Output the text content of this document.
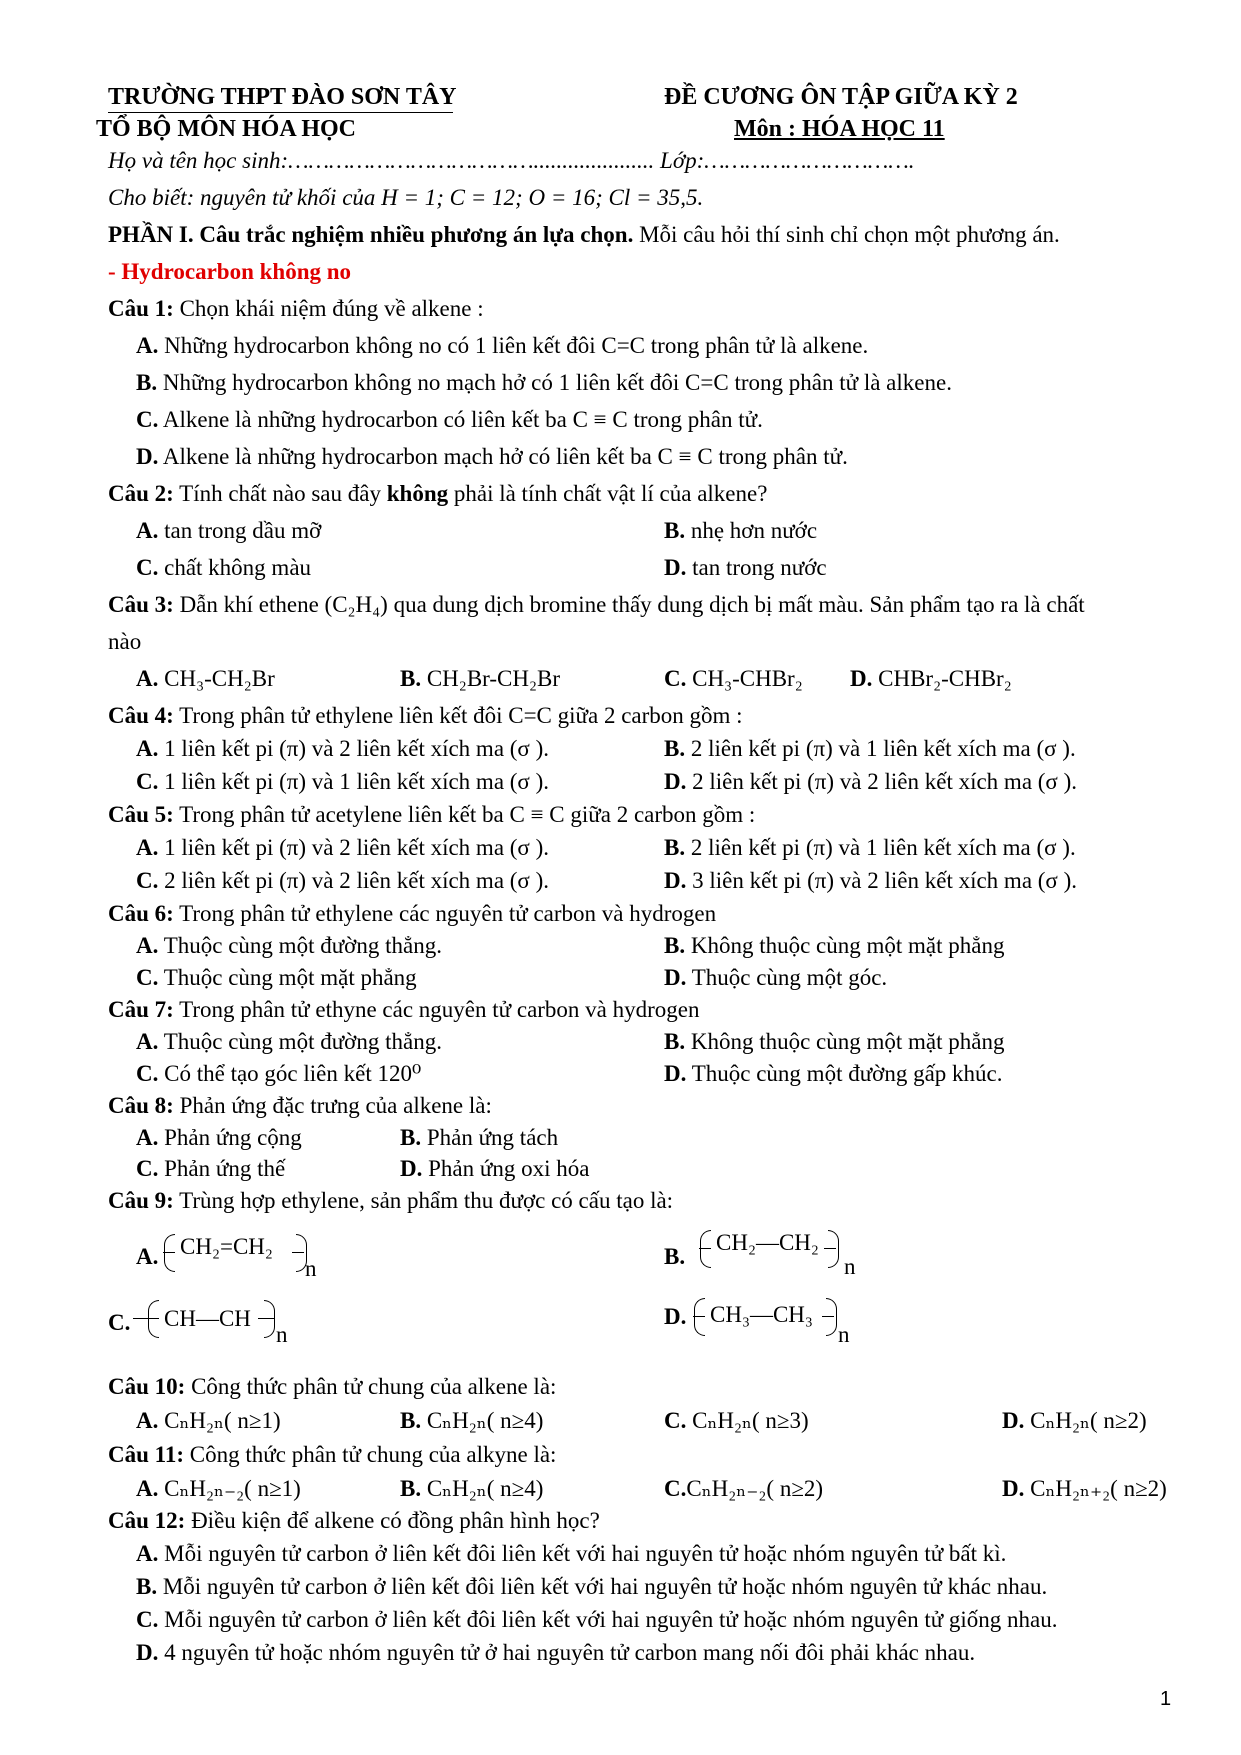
TRƯỜNG THPT ĐÀO SƠN TÂY	ĐỀ CƯƠNG ÔN TẬP GIỮA KỲ 2
TỔ BỘ MÔN HÓA HỌC	Môn : HÓA HỌC 11
Họ và tên học sinh:………………………………..................... Lớp:………………………….
Cho biết: nguyên tử khối của H = 1; C = 12; O = 16; Cl = 35,5.
PHẦN I. Câu trắc nghiệm nhiều phương án lựa chọn. Mỗi câu hỏi thí sinh chỉ chọn một phương án.
- Hydrocarbon không no
Câu 1: Chọn khái niệm đúng về alkene :
A. Những hydrocarbon không no có 1 liên kết đôi C=C trong phân tử là alkene.
B. Những hydrocarbon không no mạch hở có 1 liên kết đôi C=C trong phân tử là alkene.
C. Alkene là những hydrocarbon có liên kết ba C ≡ C trong phân tử.
D. Alkene là những hydrocarbon mạch hở có liên kết ba C ≡ C trong phân tử.
Câu 2: Tính chất nào sau đây không phải là tính chất vật lí của alkene?
A. tan trong dầu mỡ	B. nhẹ hơn nước
C. chất không màu	D. tan trong nước
Câu 3: Dẫn khí ethene (C₂H₄) qua dung dịch bromine thấy dung dịch bị mất màu. Sản phẩm tạo ra là chất
nào
A. CH₃-CH₂Br	B. CH₂Br-CH₂Br	C. CH₃-CHBr₂ D. CHBr₂-CHBr₂
Câu 4: Trong phân tử ethylene liên kết đôi C=C giữa 2 carbon gồm :
A. 1 liên kết pi (π) và 2 liên kết xích ma (σ ).	B. 2 liên kết pi (π) và 1 liên kết xích ma (σ ).
C. 1 liên kết pi (π) và 1 liên kết xích ma (σ ).	D. 2 liên kết pi (π) và 2 liên kết xích ma (σ ).
Câu 5: Trong phân tử acetylene liên kết ba C ≡ C giữa 2 carbon gồm :
A. 1 liên kết pi (π) và 2 liên kết xích ma (σ ).	B. 2 liên kết pi (π) và 1 liên kết xích ma (σ ).
C. 2 liên kết pi (π) và 2 liên kết xích ma (σ ).	D. 3 liên kết pi (π) và 2 liên kết xích ma (σ ).
Câu 6: Trong phân tử ethylene các nguyên tử carbon và hydrogen
A. Thuộc cùng một đường thẳng.	B. Không thuộc cùng một mặt phẳng
C. Thuộc cùng một mặt phẳng	D. Thuộc cùng một góc.
Câu 7: Trong phân tử ethyne các nguyên tử carbon và hydrogen
A. Thuộc cùng một đường thẳng.	B. Không thuộc cùng một mặt phẳng
C. Có thể tạo góc liên kết 120⁰	D. Thuộc cùng một đường gấp khúc.
Câu 8: Phản ứng đặc trưng của alkene là:
A. Phản ứng cộng	B. Phản ứng tách
C. Phản ứng thế	D. Phản ứng oxi hóa
Câu 9: Trùng hợp ethylene, sản phẩm thu được có cấu tạo là:
A. CH₂=CH₂
n	B.
CH₂—CH₂
n
C. CH—CH
n
D. CH₃—CH₃
n
Câu 10: Công thức phân tử chung của alkene là:
A. CₙH₂ₙ( n≥1)	B. CₙH₂ₙ( n≥4)	C. CₙH₂ₙ( n≥3)	D. CₙH₂ₙ( n≥2)
Câu 11: Công thức phân tử chung của alkyne là:
A. CₙH₂ₙ₋₂( n≥1)	B. CₙH₂ₙ( n≥4)	C.CₙH₂ₙ₋₂( n≥2)	D. CₙH₂ₙ₊₂( n≥2)
Câu 12: Điều kiện để alkene có đồng phân hình học?
A. Mỗi nguyên tử carbon ở liên kết đôi liên kết với hai nguyên tử hoặc nhóm nguyên tử bất kì.
B. Mỗi nguyên tử carbon ở liên kết đôi liên kết với hai nguyên tử hoặc nhóm nguyên tử khác nhau.
C. Mỗi nguyên tử carbon ở liên kết đôi liên kết với hai nguyên tử hoặc nhóm nguyên tử giống nhau.
D. 4 nguyên tử hoặc nhóm nguyên tử ở hai nguyên tử carbon mang nối đôi phải khác nhau.
1
